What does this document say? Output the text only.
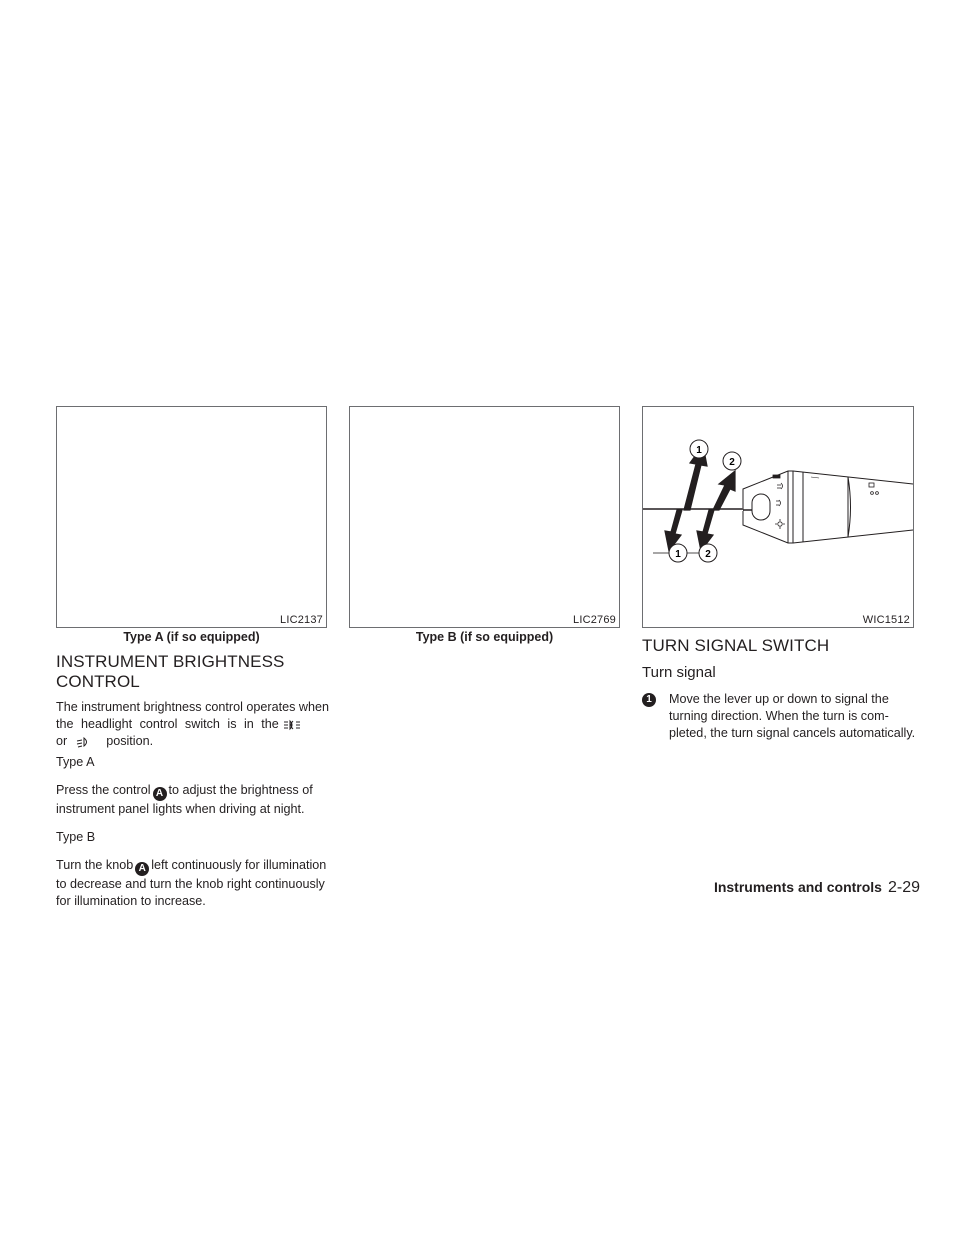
LIC2137
Type A (if so equipped)
LIC2769
Type B (if so equipped)
1
2
1 2
WIC1512
INSTRUMENT BRIGHTNESS
CONTROL

The instrument brightness control operates when
the headlight control switch is in the
or	position.

Type A

Press the control A to adjust the brightness of
instrument panel lights when driving at night.

Type B

Turn the knob A left continuously for illumination
to decrease and turn the knob right continuously
for illumination to increase.

TURN SIGNAL SWITCH
Turn signal
1	Move the lever up or down to signal the
turning direction. When the turn is com-
pleted, the turn signal cancels automatically.

Instruments and controls 2-29
